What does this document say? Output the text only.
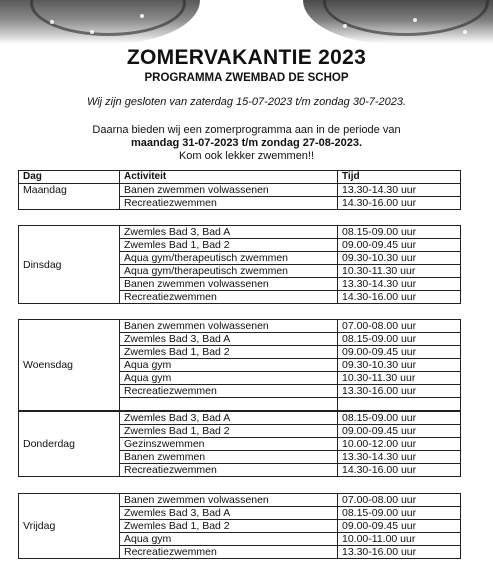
ZOMERVAKANTIE 2023
PROGRAMMA ZWEMBAD DE SCHOP
Wij zijn gesloten van zaterdag 15-07-2023 t/m zondag 30-7-2023.
Daarna bieden wij een zomerprogramma aan in de periode van
maandag 31-07-2023 t/m zondag 27-08-2023.
Kom ook lekker zwemmen!!
Dag	Activiteit	Tijd
Maandag	Banen zwemmen volwassenen	13.30-14.30 uur
	Recreatiezwemmen	14.30-16.00 uur
Dinsdag	Zwemles Bad 3, Bad A	08.15-09.00 uur
	Zwemles Bad 1, Bad 2	09.00-09.45 uur
	Aqua gym/therapeutisch zwemmen	09.30-10.30 uur
	Aqua gym/therapeutisch zwemmen	10.30-11.30 uur
	Banen zwemmen volwassenen	13.30-14.30 uur
	Recreatiezwemmen	14.30-16.00 uur
Woensdag	Banen zwemmen volwassenen	07.00-08.00 uur
	Zwemles Bad 3, Bad A	08.15-09.00 uur
	Zwemles Bad 1, Bad 2	09.00-09.45 uur
	Aqua gym	09.30-10.30 uur
	Aqua gym	10.30-11.30 uur
	Recreatiezwemmen	13.30-16.00 uur

Donderdag	Zwemles Bad 3, Bad A	08.15-09.00 uur
	Zwemles Bad 1, Bad 2	09.00-09.45 uur
	Gezinszwemmen	10.00-12.00 uur
	Banen zwemmen	13.30-14.30 uur
	Recreatiezwemmen	14.30-16.00 uur
Vrijdag	Banen zwemmen volwassenen	07.00-08.00 uur
	Zwemles Bad 3, Bad A	08.15-09.00 uur
	Zwemles Bad 1, Bad 2	09.00-09.45 uur
	Aqua gym	10.00-11.00 uur
	Recreatiezwemmen	13.30-16.00 uur
